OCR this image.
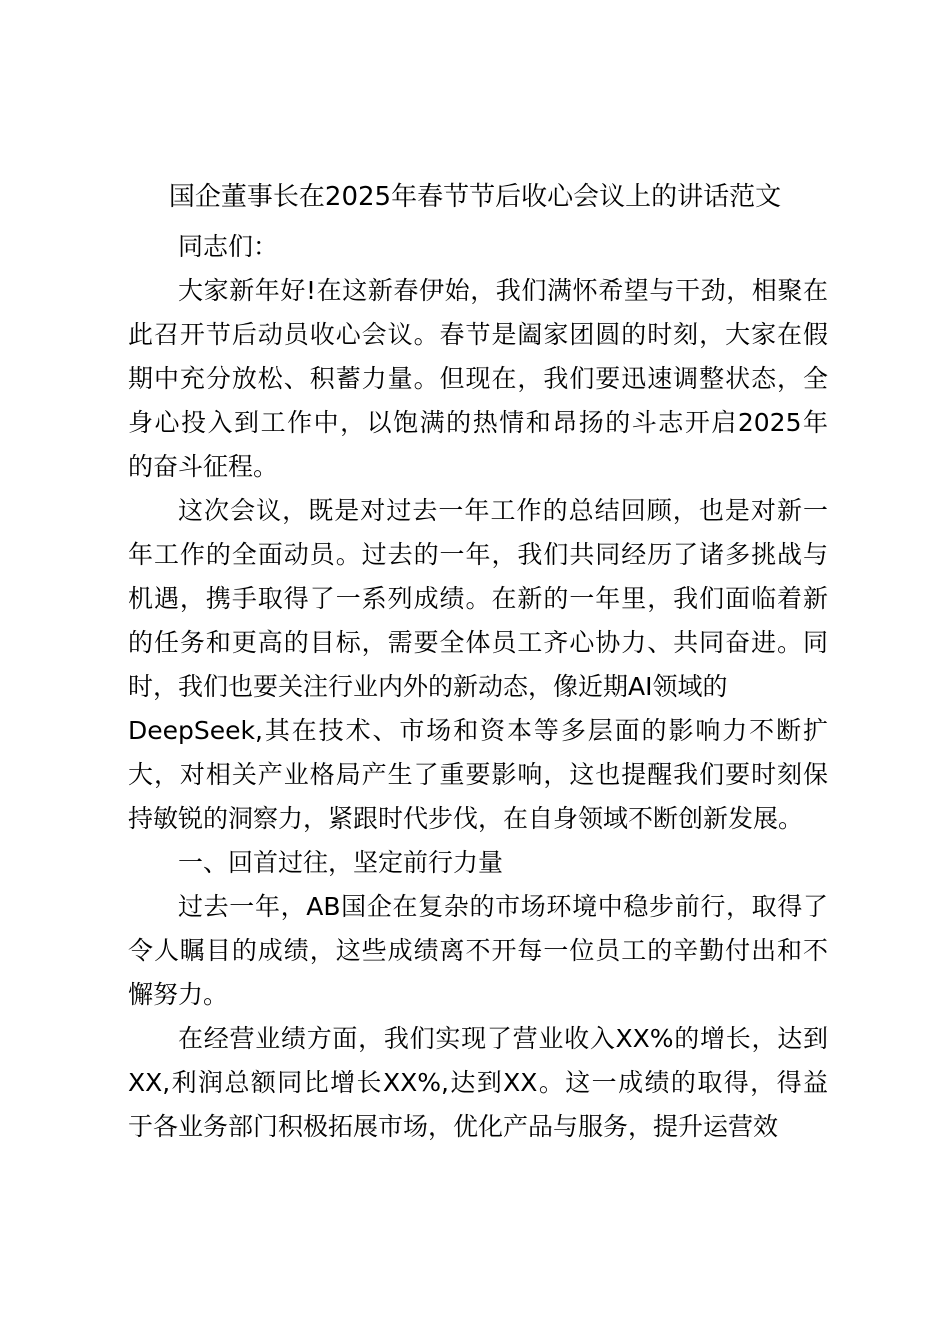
国企董事长在2025年春节节后收心会议上的讲话范文
同志们：
大家新年好!在这新春伊始，我们满怀希望与干劲，相聚在
此召开节后动员收心会议。春节是阖家团圆的时刻，大家在假
期中充分放松、积蓄力量。但现在，我们要迅速调整状态，全
身心投入到工作中，以饱满的热情和昂扬的斗志开启2025年
的奋斗征程。
这次会议，既是对过去一年工作的总结回顾，也是对新一
年工作的全面动员。过去的一年，我们共同经历了诸多挑战与
机遇，携手取得了一系列成绩。在新的一年里，我们面临着新
的任务和更高的目标，需要全体员工齐心协力、共同奋进。同
时，我们也要关注行业内外的新动态，像近期AI领域的
DeepSeek,其在技术、市场和资本等多层面的影响力不断扩
大，对相关产业格局产生了重要影响，这也提醒我们要时刻保
持敏锐的洞察力，紧跟时代步伐，在自身领域不断创新发展。
一、回首过往，坚定前行力量
过去一年，AB国企在复杂的市场环境中稳步前行，取得了
令人瞩目的成绩，这些成绩离不开每一位员工的辛勤付出和不
懈努力。
在经营业绩方面，我们实现了营业收入XX%的增长，达到
XX,利润总额同比增长XX%,达到XX。这一成绩的取得，得益
于各业务部门积极拓展市场，优化产品与服务，提升运营效
